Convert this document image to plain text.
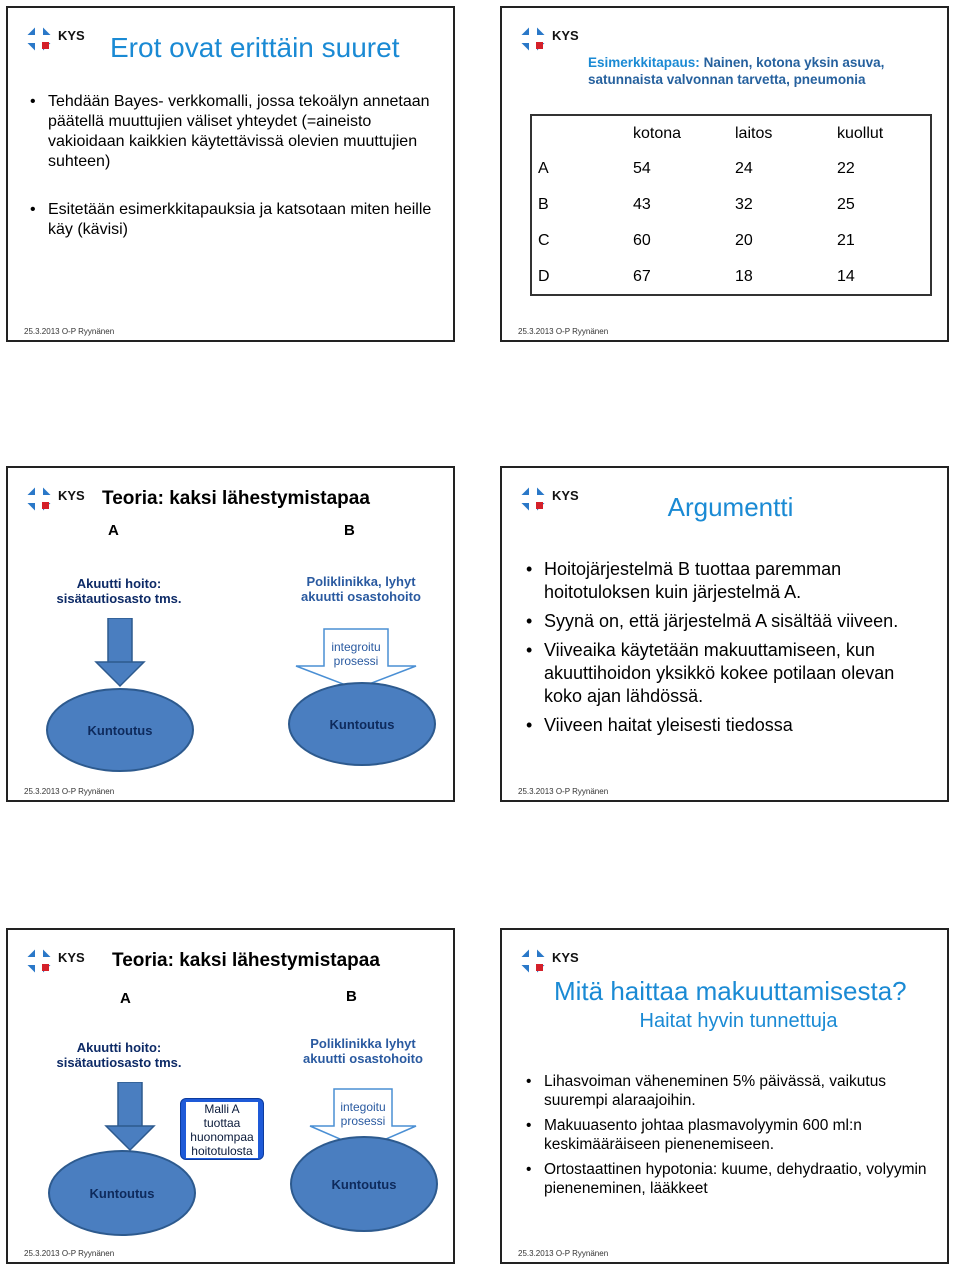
KYS Erot ovat erittäin suuret
• Tehdään Bayes- verkkomalli, jossa tekoälyn annetaan päätellä muuttujien väliset yhteydet (=aineisto vakioidaan kaikkien käytettävissä olevien muuttujien suhteen)
• Esitetään esimerkkitapauksia ja katsotaan miten heille käy (kävisi)
25.3.2013 O-P Ryynänen
KYS
Esimerkkitapaus: Nainen, kotona yksin asuva, satunnaista valvonnan tarvetta, pneumonia
	kotona	laitos	kuollut
A	54	24	22
B	43	32	25
C	60	20	21
D	67	18	14
25.3.2013 O-P Ryynänen
KYS Teoria: kaksi lähestymistapaa
A	B
Akuutti hoito: sisätautiosasto tms.
Poliklinikka, lyhyt akuutti osastohoito
integroitu prosessi
Kuntoutus	Kuntoutus
25.3.2013 O-P Ryynänen
KYS	Argumentti
• Hoitojärjestelmä B tuottaa paremman hoitotuloksen kuin järjestelmä A.
• Syynä on, että järjestelmä A sisältää viiveen.
• Viiveaika käytetään makuuttamiseen, kun akuuttihoidon yksikkö kokee potilaan olevan koko ajan lähdössä.
• Viiveen haitat yleisesti tiedossa
25.3.2013 O-P Ryynänen
KYS Teoria: kaksi lähestymistapaa
A	B
Akuutti hoito: sisätautiosasto tms.
Poliklinikka lyhyt akuutti osastohoito
Malli A tuottaa huonompaa hoitotulosta
integoitu prosessi
Kuntoutus
Kuntoutus
25.3.2013 O-P Ryynänen
KYS
Mitä haittaa makuuttamisesta?
Haitat hyvin tunnettuja
• Lihasvoiman väheneminen 5% päivässä, vaikutus suurempi alaraajoihin.
• Makuuasento johtaa plasmavolyymin 600 ml:n keskimääräiseen pienenemiseen.
• Ortostaattinen hypotonia: kuume, dehydraatio, volyymin pieneneminen, lääkkeet
25.3.2013 O-P Ryynänen
